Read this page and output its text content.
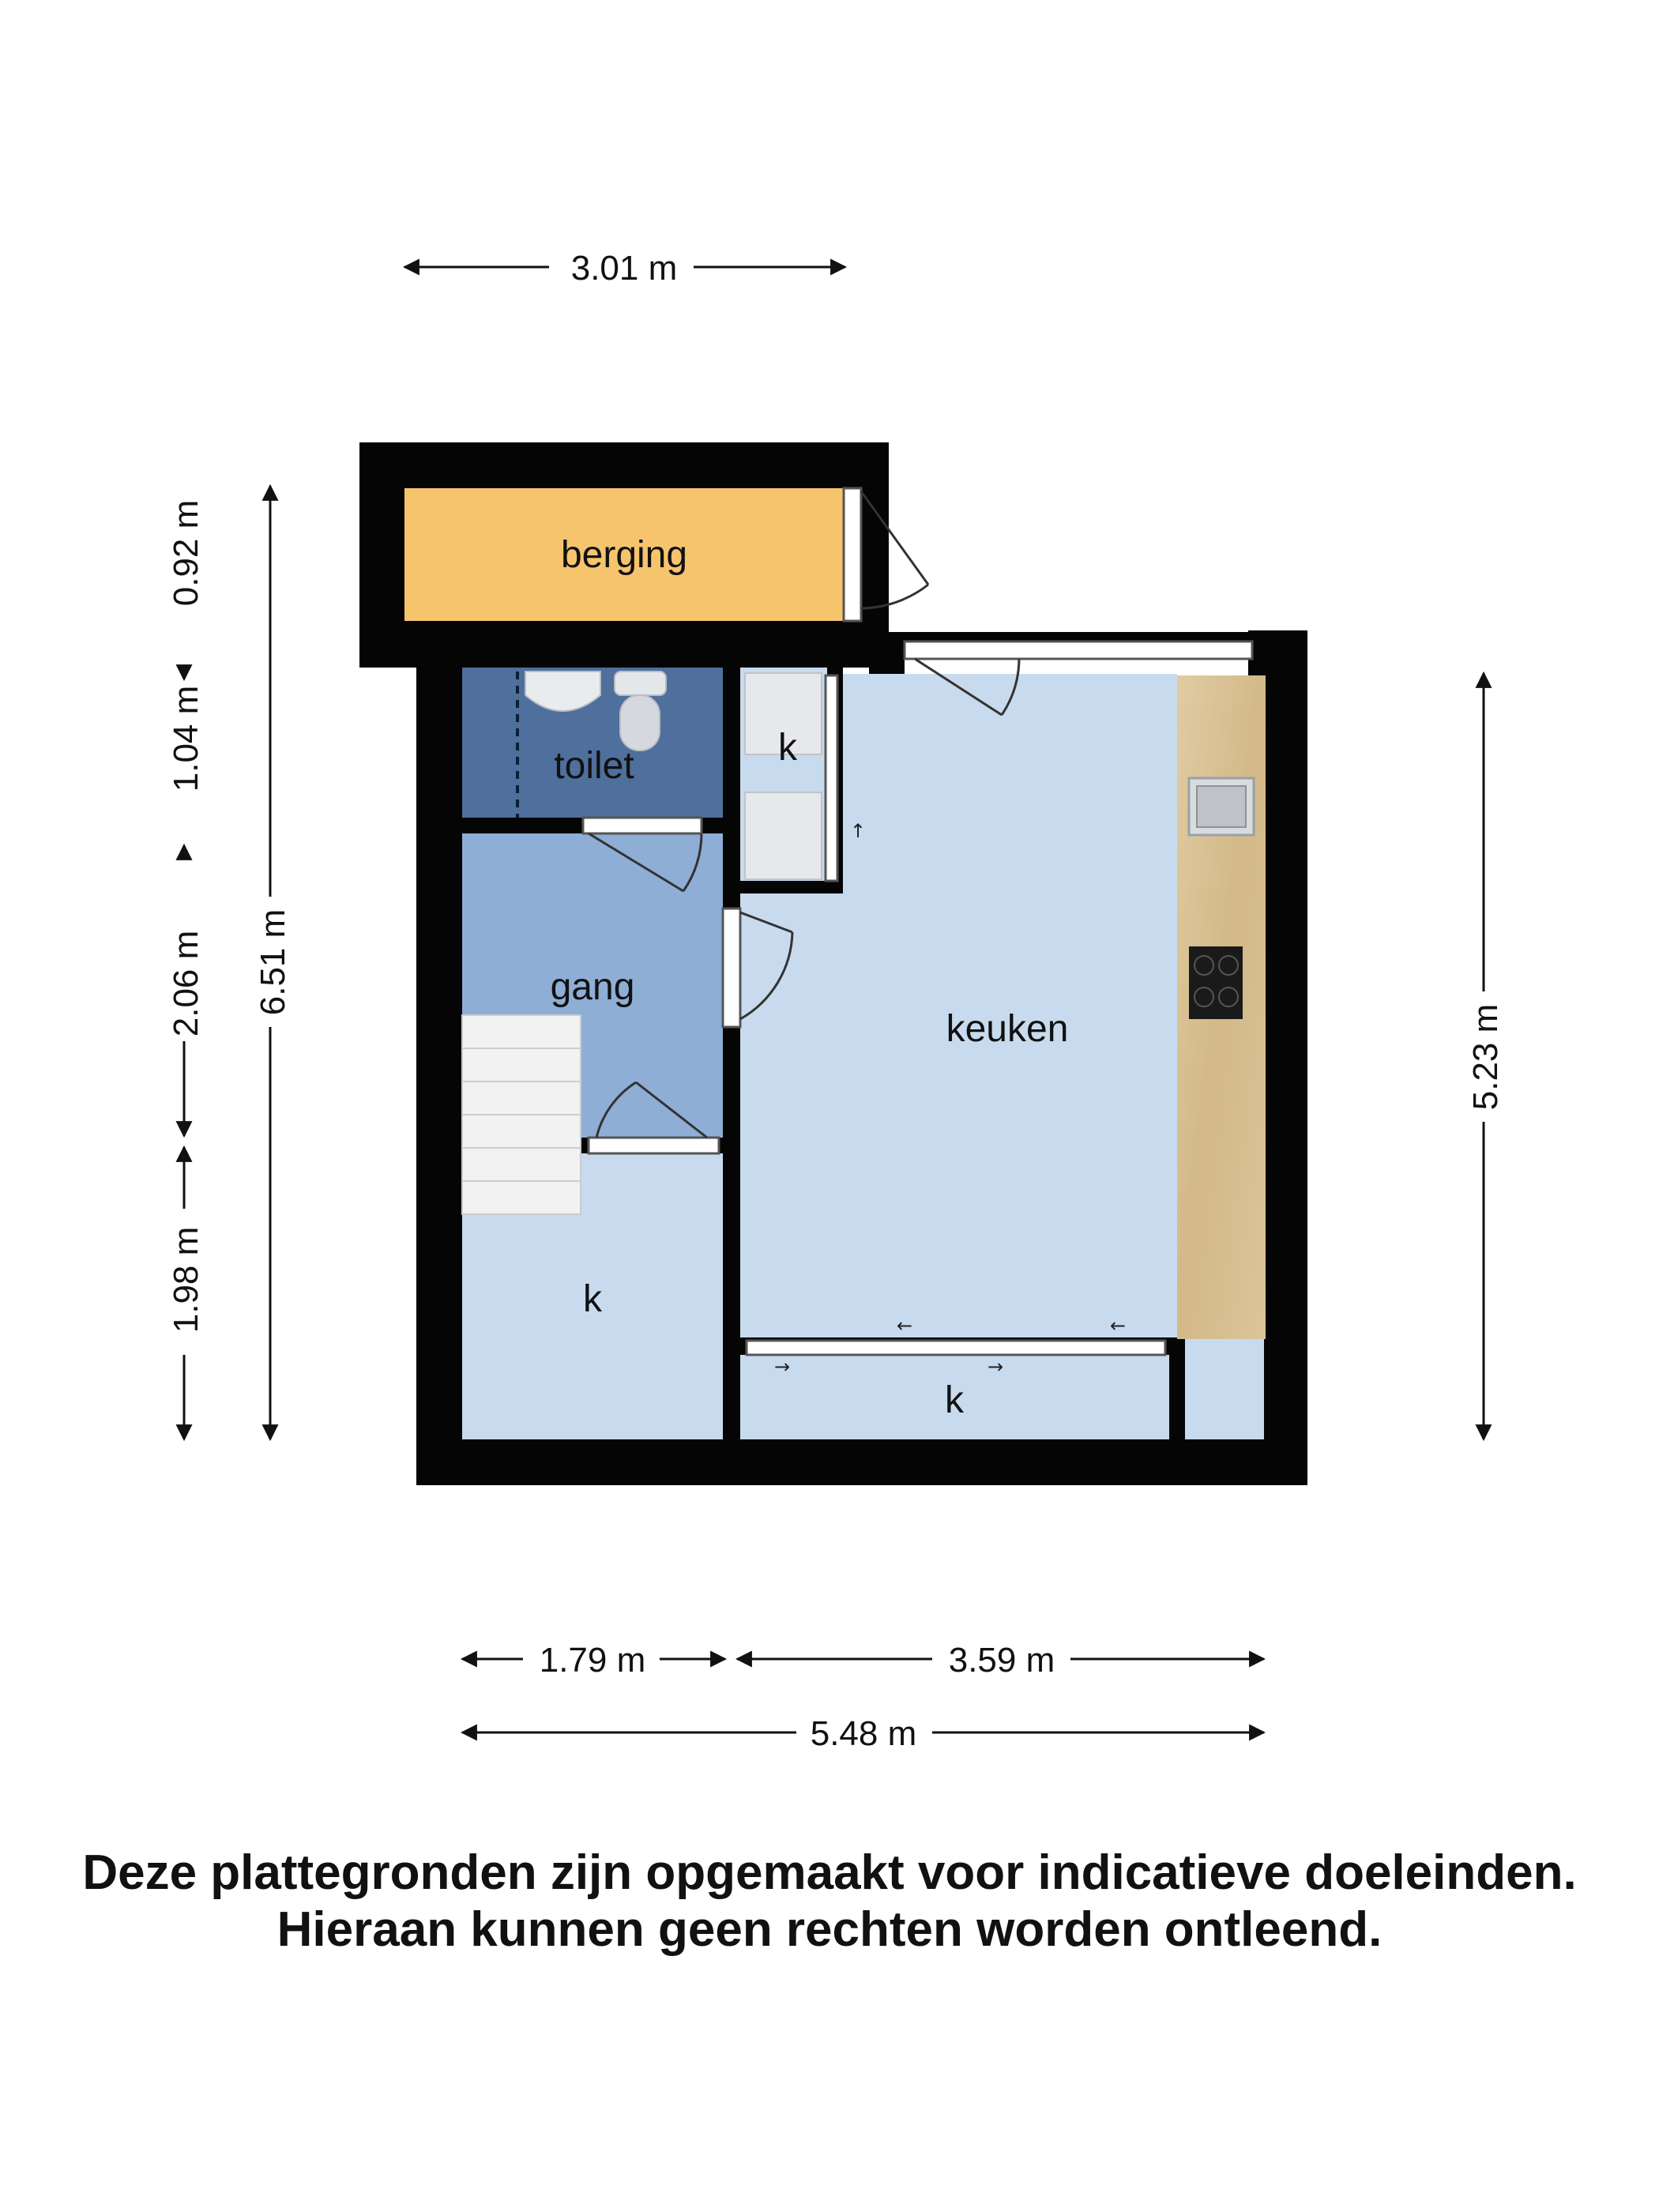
3.01 m
0.92 m
1.04 m
2.06 m
1.98 m
6.51 m
5.23 m
1.79 m	3.59 m
5.48 m
↑
←	←
→	→
berging
toilet
gang
keuken
k
k
k
Deze plattegronden zijn opgemaakt voor indicatieve doeleinden.
Hieraan kunnen geen rechten worden ontleend.
